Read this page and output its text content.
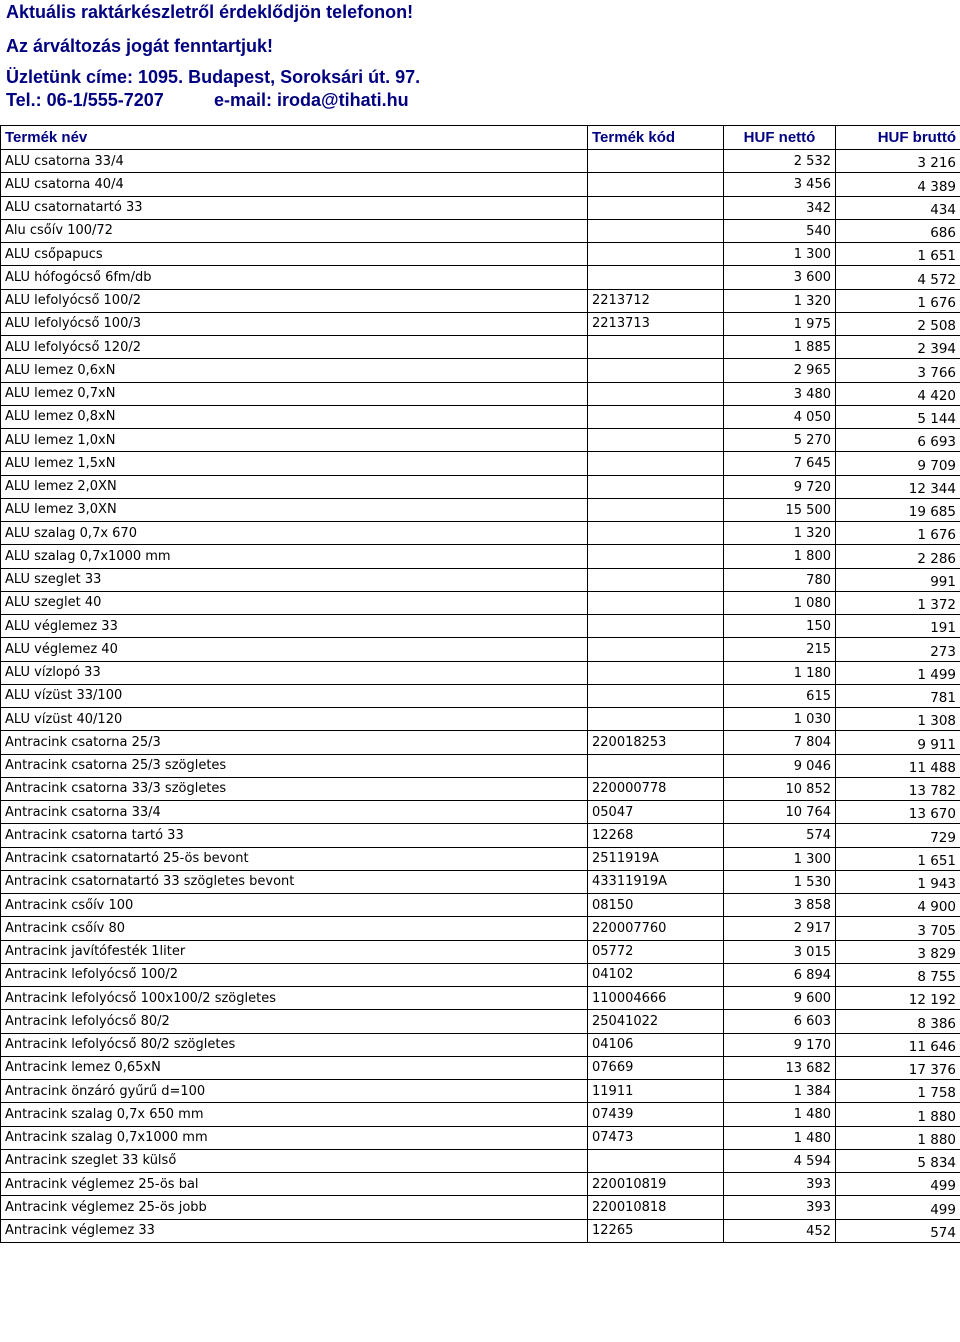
Aktuális raktárkészletről érdeklődjön telefonon!
Az árváltozás jogát fenntartjuk!
Üzletünk címe: 1095. Budapest, Soroksári út. 97.
Tel.: 06-1/555-7207	e-mail: iroda@tihati.hu
Termék név	Termék kód	HUF nettó	HUF bruttó
ALU csatorna 33/4		2 532	3 216
ALU csatorna 40/4		3 456	4 389
ALU csatornatartó 33		342	434
Alu csőív 100/72		540	686
ALU csőpapucs		1 300	1 651
ALU hófogócső 6fm/db		3 600	4 572
ALU lefolyócső 100/2	2213712	1 320	1 676
ALU lefolyócső 100/3	2213713	1 975	2 508
ALU lefolyócső 120/2		1 885	2 394
ALU lemez 0,6xN		2 965	3 766
ALU lemez 0,7xN		3 480	4 420
ALU lemez 0,8xN		4 050	5 144
ALU lemez 1,0xN		5 270	6 693
ALU lemez 1,5xN		7 645	9 709
ALU lemez 2,0XN		9 720	12 344
ALU lemez 3,0XN		15 500	19 685
ALU szalag 0,7x 670		1 320	1 676
ALU szalag 0,7x1000 mm		1 800	2 286
ALU szeglet 33		780	991
ALU szeglet 40		1 080	1 372
ALU véglemez 33		150	191
ALU véglemez 40		215	273
ALU vízlopó 33		1 180	1 499
ALU vízüst 33/100		615	781
ALU vízüst 40/120		1 030	1 308
Antracink csatorna 25/3	220018253	7 804	9 911
Antracink csatorna 25/3 szögletes		9 046	11 488
Antracink csatorna 33/3 szögletes	220000778	10 852	13 782
Antracink csatorna 33/4	05047	10 764	13 670
Antracink csatorna tartó 33	12268	574	729
Antracink csatornatartó 25-ös bevont	2511919A	1 300	1 651
Antracink csatornatartó 33 szögletes bevont	43311919A	1 530	1 943
Antracink csőív 100	08150	3 858	4 900
Antracink csőív 80	220007760	2 917	3 705
Antracink javítófesték 1liter	05772	3 015	3 829
Antracink lefolyócső 100/2	04102	6 894	8 755
Antracink lefolyócső 100x100/2 szögletes	110004666	9 600	12 192
Antracink lefolyócső 80/2	25041022	6 603	8 386
Antracink lefolyócső 80/2 szögletes	04106	9 170	11 646
Antracink lemez 0,65xN	07669	13 682	17 376
Antracink önzáró gyűrű d=100	11911	1 384	1 758
Antracink szalag 0,7x 650 mm	07439	1 480	1 880
Antracink szalag 0,7x1000 mm	07473	1 480	1 880
Antracink szeglet 33 külső		4 594	5 834
Antracink véglemez 25-ös bal	220010819	393	499
Antracink véglemez 25-ös jobb	220010818	393	499
Antracink véglemez 33	12265	452	574
